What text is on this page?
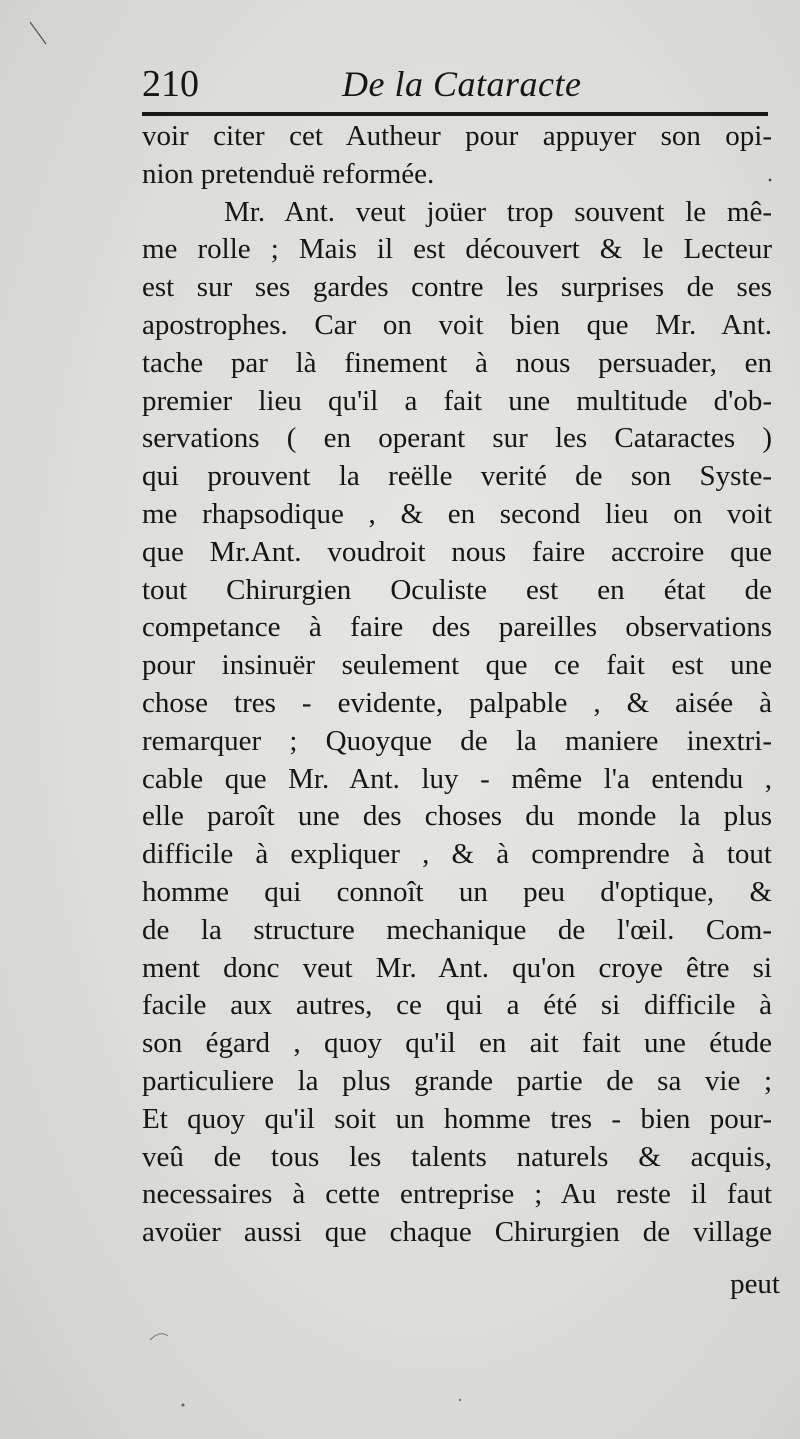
210	De la Cataracte
voir citer cet Autheur pour appuyer son opi-
nion pretenduë reformée.
Mr. Ant. veut joüer trop souvent le mê-
me rolle ; Mais il est découvert & le Lecteur
est sur ses gardes contre les surprises de ses
apostrophes. Car on voit bien que Mr. Ant.
tache par là finement à nous persuader, en
premier lieu qu'il a fait une multitude d'ob-
servations ( en operant sur les Cataractes )
qui prouvent la reëlle verité de son Syste-
me rhapsodique , & en second lieu on voit
que Mr.Ant. voudroit nous faire accroire que
tout Chirurgien Oculiste est en état de
competance à faire des pareilles observations
pour insinuër seulement que ce fait est une
chose tres - evidente, palpable , & aisée à
remarquer ; Quoyque de la maniere inextri-
cable que Mr. Ant. luy - même l'a entendu ,
elle paroît une des choses du monde la plus
difficile à expliquer , & à comprendre à tout
homme qui connoît un peu d'optique, &
de la structure mechanique de l'œil. Com-
ment donc veut Mr. Ant. qu'on croye être si
facile aux autres, ce qui a été si difficile à
son égard , quoy qu'il en ait fait une étude
particuliere la plus grande partie de sa vie ;
Et quoy qu'il soit un homme tres - bien pour-
veû de tous les talents naturels & acquis,
necessaires à cette entreprise ; Au reste il faut
avoüer aussi que chaque Chirurgien de village
peut
